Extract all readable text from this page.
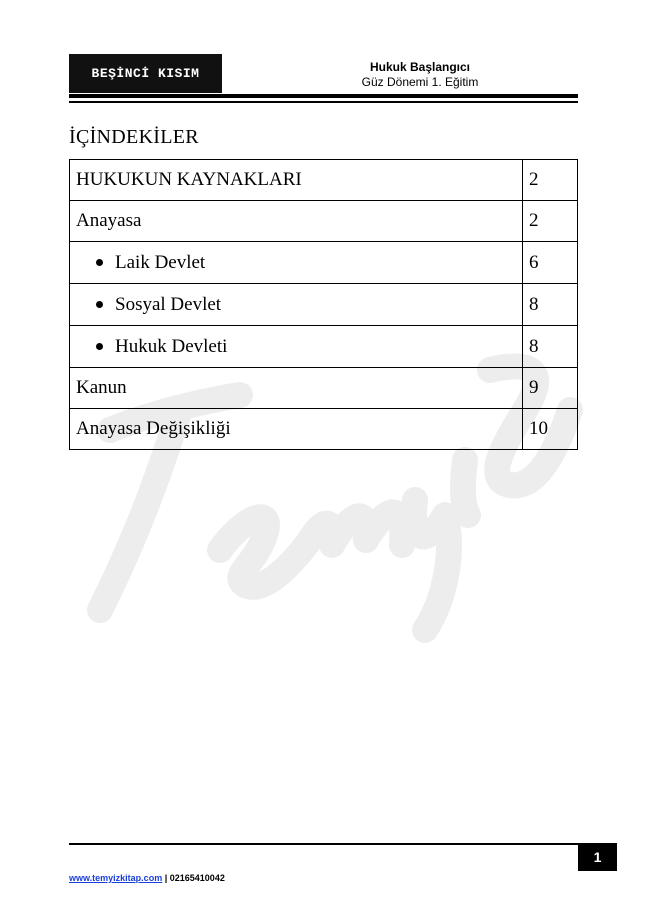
BEŞİNCİ KISIM	Hukuk Başlangıcı
Güz Dönemi 1. Eğitim
İÇİNDEKİLER
HUKUKUN KAYNAKLARI	2
Anayasa	2
Laik Devlet	6
Sosyal Devlet	8
Hukuk Devleti	8
Kanun	9
Anayasa Değişikliği	10
1
www.temyizkitap.com | 02165410042
